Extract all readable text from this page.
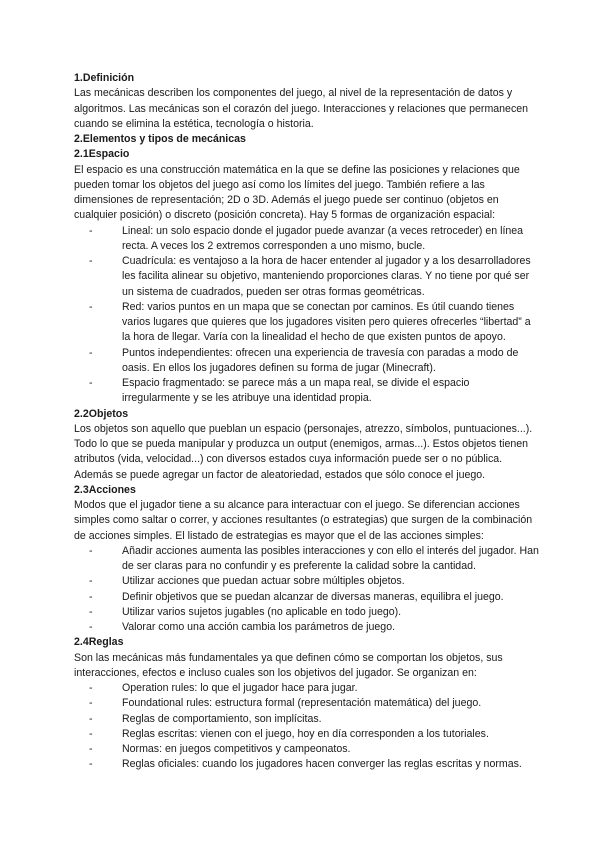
1.Definición

Las mecánicas describen los componentes del juego, al nivel de la representación de datos y algoritmos. Las mecánicas son el corazón del juego. Interacciones y relaciones que permanecen cuando se elimina la estética, tecnología o historia.

2.Elementos y tipos de mecánicas
2.1Espacio

El espacio es una construcción matemática en la que se define las posiciones y relaciones que pueden tomar los objetos del juego así como los límites del juego. También refiere a las dimensiones de representación; 2D o 3D. Además el juego puede ser continuo (objetos en cualquier posición) o discreto (posición concreta). Hay 5 formas de organización espacial:

-	Lineal: un solo espacio donde el jugador puede avanzar (a veces retroceder) en línea recta. A veces los 2 extremos corresponden a uno mismo, bucle.
-	Cuadrícula: es ventajoso a la hora de hacer entender al jugador y a los desarrolladores les facilita alinear su objetivo, manteniendo proporciones claras. Y no tiene por qué ser un sistema de cuadrados, pueden ser otras formas geométricas.
-	Red: varios puntos en un mapa que se conectan por caminos. Es útil cuando tienes varios lugares que quieres que los jugadores visiten pero quieres ofrecerles “libertad” a la hora de llegar. Varía con la linealidad el hecho de que existen puntos de apoyo.
-	Puntos independientes: ofrecen una experiencia de travesía con paradas a modo de oasis. En ellos los jugadores definen su forma de jugar (Minecraft).
-	Espacio fragmentado: se parece más a un mapa real, se divide el espacio irregularmente y se les atribuye una identidad propia.
2.2Objetos

Los objetos son aquello que pueblan un espacio (personajes, atrezzo, símbolos, puntuaciones...). Todo lo que se pueda manipular y produzca un output (enemigos, armas...). Estos objetos tienen atributos (vida, velocidad...) con diversos estados cuya información puede ser o no pública. Además se puede agregar un factor de aleatoriedad, estados que sólo conoce el juego.

2.3Acciones

Modos que el jugador tiene a su alcance para interactuar con el juego. Se diferencian acciones simples como saltar o correr, y acciones resultantes (o estrategias) que surgen de la combinación de acciones simples. El listado de estrategias es mayor que el de las acciones simples:

-	Añadir acciones aumenta las posibles interacciones y con ello el interés del jugador. Han de ser claras para no confundir y es preferente la calidad sobre la cantidad.
-	Utilizar acciones que puedan actuar sobre múltiples objetos.
-	Definir objetivos que se puedan alcanzar de diversas maneras, equilibra el juego.
-	Utilizar varios sujetos jugables (no aplicable en todo juego).
-	Valorar como una acción cambia los parámetros de juego.
2.4Reglas

Son las mecánicas más fundamentales ya que definen cómo se comportan los objetos, sus interacciones, efectos e incluso cuales son los objetivos del jugador. Se organizan en:

-	Operation rules: lo que el jugador hace para jugar.
-	Foundational rules: estructura formal (representación matemática) del juego.
-	Reglas de comportamiento, son implícitas.
-	Reglas escritas: vienen con el juego, hoy en día corresponden a los tutoriales.
-	Normas: en juegos competitivos y campeonatos.
-	Reglas oficiales: cuando los jugadores hacen converger las reglas escritas y normas.
